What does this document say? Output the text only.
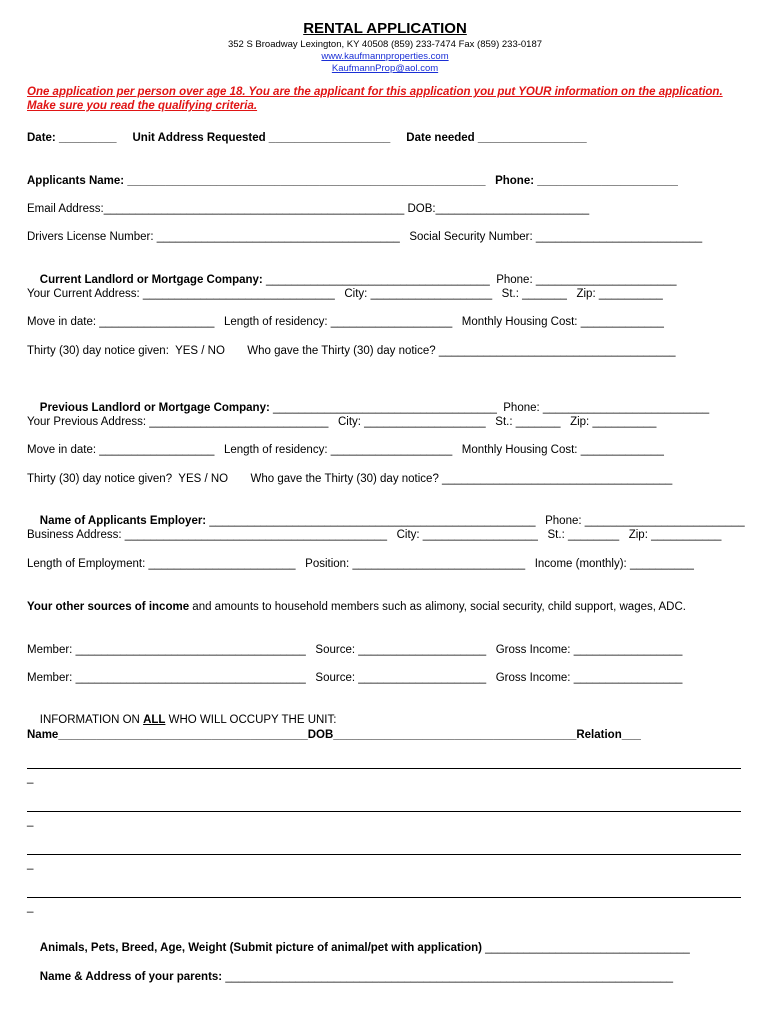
RENTAL APPLICATION
352 S Broadway Lexington, KY 40508 (859) 233-7474 Fax (859) 233-0187
www.kaufmannproperties.com
KaufmannProp@aol.com
One application per person over age 18. You are the applicant for this application you put YOUR information on the application. Make sure you read the qualifying criteria.
Date: _________     Unit Address Requested ___________________     Date needed _________________
Applicants Name: ________________________________________________________   Phone: ______________________
Email Address:_______________________________________________ DOB:________________________
Drivers License Number: ______________________________________   Social Security Number: __________________________

Current Landlord or Mortgage Company: ___________________________________  Phone: ______________________

Your Current Address: ______________________________   City: ___________________   St.: _______   Zip: __________
Move in date: __________________   Length of residency: ___________________   Monthly Housing Cost: _____________
Thirty (30) day notice given:  YES / NO       Who gave the Thirty (30) day notice? _____________________________________

Previous Landlord or Mortgage Company: ___________________________________  Phone: __________________________

Your Previous Address: ____________________________   City: ___________________   St.: _______   Zip: __________
Move in date: __________________   Length of residency: ___________________   Monthly Housing Cost: _____________
Thirty (30) day notice given?  YES / NO       Who gave the Thirty (30) day notice? ____________________________________

Name of Applicants Employer: ___________________________________________________   Phone: _________________________

Business Address: _________________________________________   City: __________________   St.: ________   Zip: ___________
Length of Employment: _______________________   Position: ___________________________   Income (monthly): __________
Your other sources of income and amounts to household members such as alimony, social security, child support, wages, ADC.
Member: ____________________________________   Source: ____________________   Gross Income: _________________
Member: ____________________________________   Source: ____________________   Gross Income: _________________

INFORMATION ON ALL WHO WILL OCCUPY THE UNIT:

Name_______________________________________DOB______________________________________Relation___
_
_
_
_

Animals, Pets, Breed, Age, Weight (Submit picture of animal/pet with application) ________________________________

Name & Address of your parents: ______________________________________________________________________
